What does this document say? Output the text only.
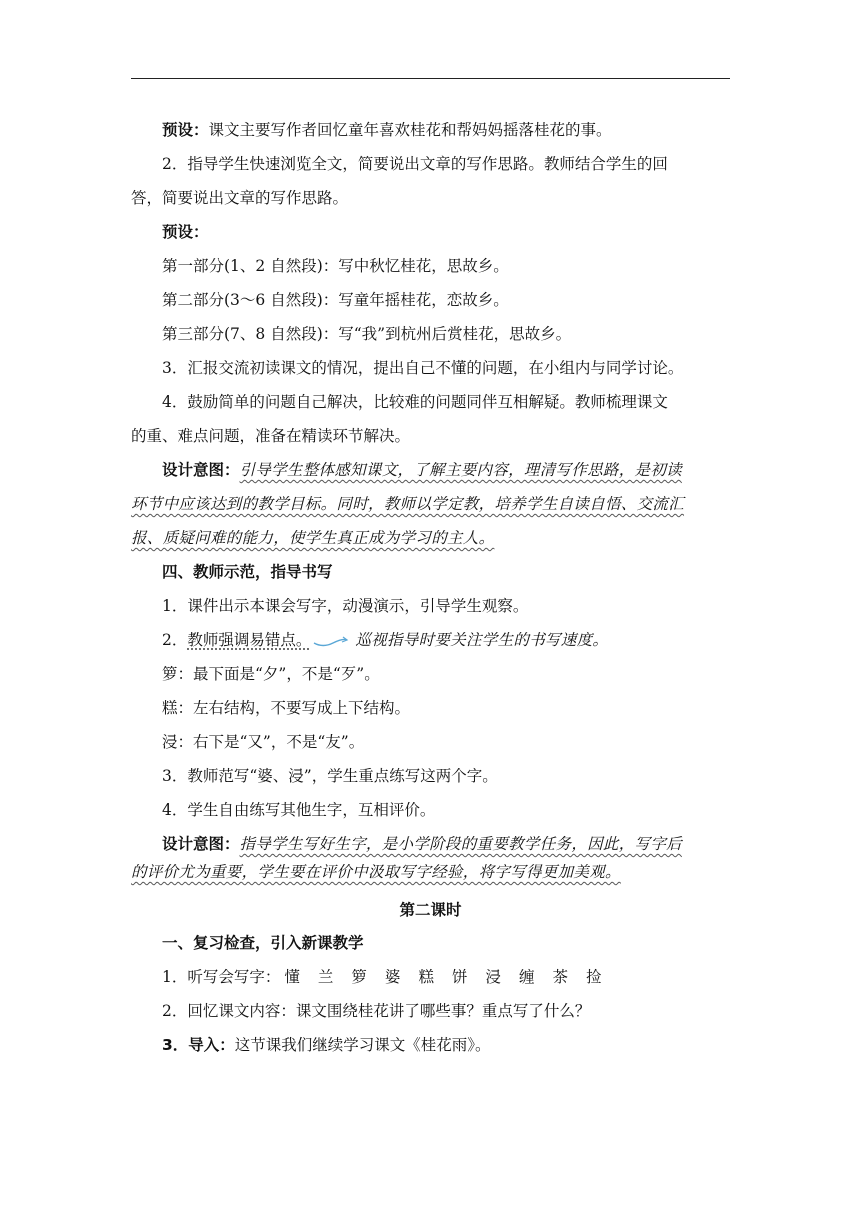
预设：课文主要写作者回忆童年喜欢桂花和帮妈妈摇落桂花的事。
2．指导学生快速浏览全文，简要说出文章的写作思路。教师结合学生的回
答，简要说出文章的写作思路。
预设：
第一部分(1、2 自然段)：写中秋忆桂花，思故乡。
第二部分(3～6 自然段)：写童年摇桂花，恋故乡。
第三部分(7、8 自然段)：写“我”到杭州后赏桂花，思故乡。
3．汇报交流初读课文的情况，提出自己不懂的问题，在小组内与同学讨论。
4．鼓励简单的问题自己解决，比较难的问题同伴互相解疑。教师梳理课文
的重、难点问题，准备在精读环节解决。
设计意图：引导学生整体感知课文，了解主要内容，理清写作思路，是初读
环节中应该达到的教学目标。同时，教师以学定教，培养学生自读自悟、交流汇
报、质疑问难的能力，使学生真正成为学习的主人。
四、教师示范，指导书写
1．课件出示本课会写字，动漫演示，引导学生观察。
2．教师强调易错点。	巡视指导时要关注学生的书写速度。
箩：最下面是“夕”，不是“歹”。
糕：左右结构，不要写成上下结构。
浸：右下是“又”，不是“友”。
3．教师范写“婆、浸”，学生重点练写这两个字。
4．学生自由练写其他生字，互相评价。
设计意图：指导学生写好生字，是小学阶段的重要教学任务，因此，写字后
的评价尤为重要，学生要在评价中汲取写字经验，将字写得更加美观。
第二课时
一、复习检查，引入新课教学
1．听写会写字： 懂 兰 箩 婆 糕 饼 浸 缠 茶 捡
2．回忆课文内容：课文围绕桂花讲了哪些事？重点写了什么？
3．导入：这节课我们继续学习课文《桂花雨》。
